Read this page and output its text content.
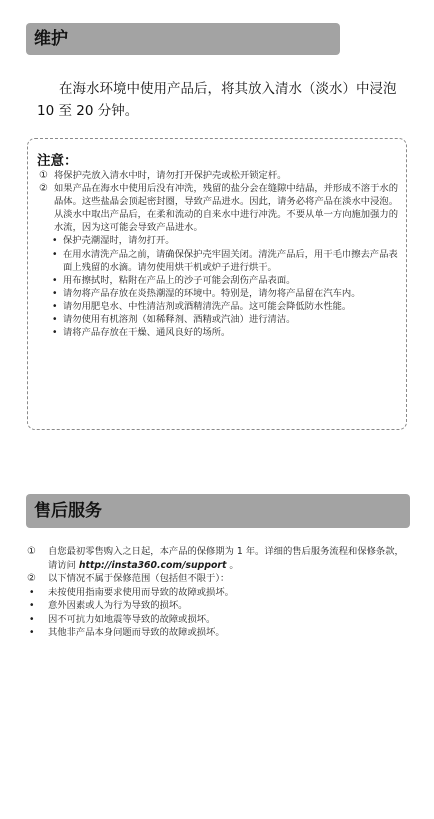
维护

在海水环境中使用产品后，将其放入清水（淡水）中浸泡 10 至 20 分钟。

注意：
① 将保护壳放入清水中时，请勿打开保护壳或松开锁定杆。
② 如果产品在海水中使用后没有冲洗，残留的盐分会在缝隙中结晶，并形成不溶于水的晶体。这些盐晶会顶起密封圈，导致产品进水。因此，请务必将产品在淡水中浸泡。从淡水中取出产品后，在柔和流动的自来水中进行冲洗。不要从单一方向施加强力的水流，因为这可能会导致产品进水。
• 保护壳潮湿时，请勿打开。
• 在用水清洗产品之前，请确保保护壳牢固关闭。清洗产品后，用干毛巾擦去产品表面上残留的水滴。请勿使用烘干机或炉子进行烘干。
• 用布擦拭时，粘附在产品上的沙子可能会刮伤产品表面。
• 请勿将产品存放在炎热潮湿的环境中。特别是，请勿将产品留在汽车内。
• 请勿用肥皂水、中性清洁剂或酒精清洗产品。这可能会降低防水性能。
• 请勿使用有机溶剂（如稀释剂、酒精或汽油）进行清洁。
• 请将产品存放在干燥、通风良好的场所。
售后服务
①	自您最初零售购入之日起，本产品的保修期为 1 年。详细的售后服务流程和保修条款，请访问 http://insta360.com/support 。
②	以下情况不属于保修范围（包括但不限于）：
•	未按使用指南要求使用而导致的故障或损坏。
•	意外因素或人为行为导致的损坏。
•	因不可抗力如地震等导致的故障或损坏。
•	其他非产品本身问题而导致的故障或损坏。
